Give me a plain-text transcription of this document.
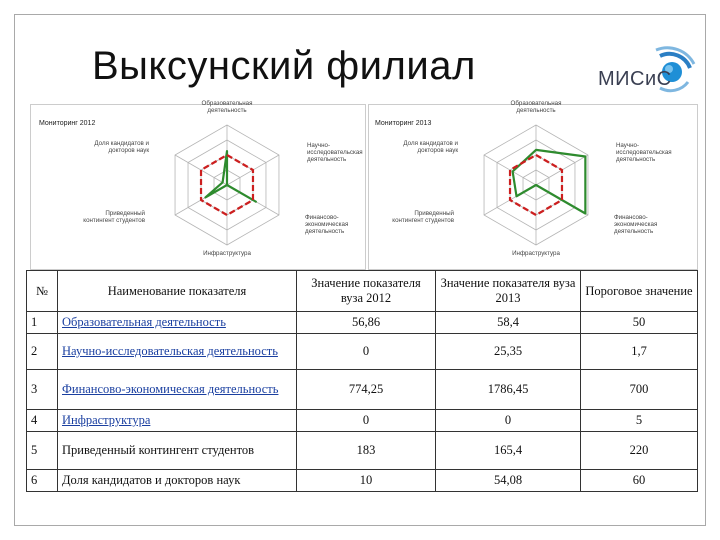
Выксунский филиал	МИСиС
Мониторинг 2012
Образовательная деятельность
Научно-исследовательская деятельность
Финансово-экономическая деятельность
Инфраструктура
Приведенный контингент студентов
Доля кандидатов и докторов наук
Мониторинг 2013
Образовательная деятельность
Научно-исследовательская деятельность
Финансово-экономическая деятельность
Инфраструктура
Приведенный контингент студентов
Доля кандидатов и докторов наук
№	Наименование показателя	Значение показателя вуза 2012	Значение показателя вуза 2013	Пороговое значение
1	Образовательная деятельность	56,86	58,4	50
2	Научно-исследовательская деятельность	0	25,35	1,7
3	Финансово-экономическая деятельность	774,25	1786,45	700
4	Инфраструктура	0	0	5
5	Приведенный контингент студентов	183	165,4	220
6	Доля кандидатов и докторов наук	10	54,08	60
